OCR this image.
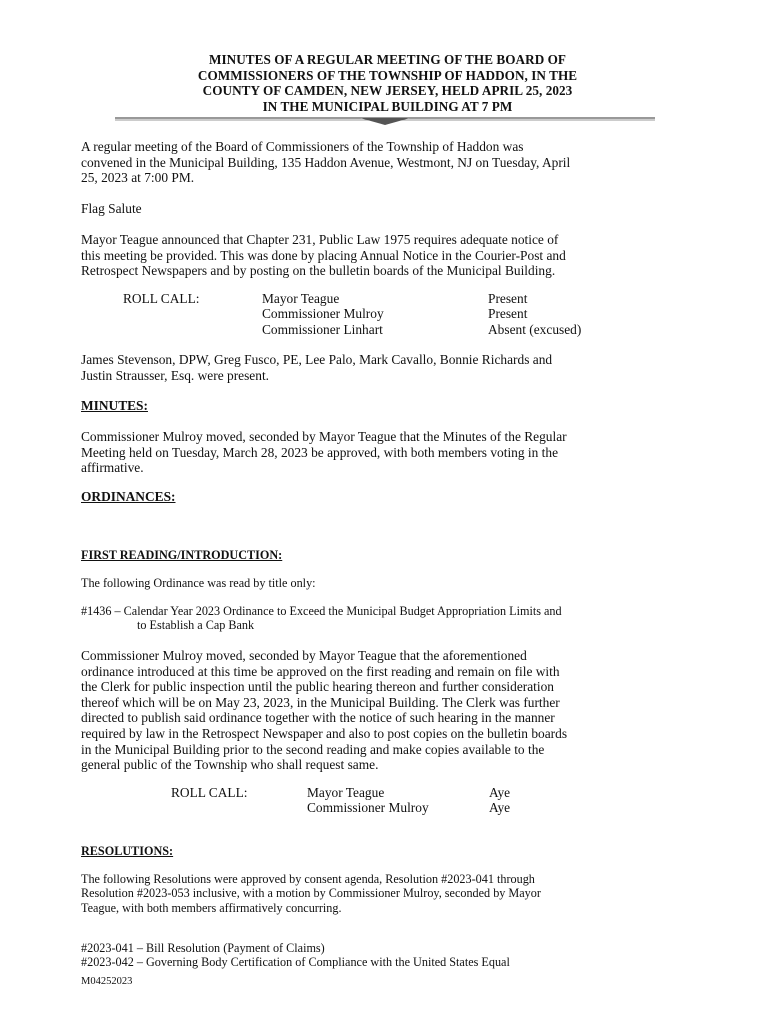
MINUTES OF A REGULAR MEETING OF THE BOARD OF
COMMISSIONERS OF THE TOWNSHIP OF HADDON, IN THE
COUNTY OF CAMDEN, NEW JERSEY, HELD APRIL 25, 2023
IN THE MUNICIPAL BUILDING AT 7 PM
A regular meeting of the Board of Commissioners of the Township of Haddon was
convened in the Municipal Building, 135 Haddon Avenue, Westmont, NJ on Tuesday, April
25, 2023 at 7:00 PM.
Flag Salute
Mayor Teague announced that Chapter 231, Public Law 1975 requires adequate notice of
this meeting be provided. This was done by placing Annual Notice in the Courier-Post and
Retrospect Newspapers and by posting on the bulletin boards of the Municipal Building.
ROLL CALL:	Mayor Teague
Commissioner Mulroy
Commissioner Linhart
Present
Present
Absent (excused)
James Stevenson, DPW, Greg Fusco, PE, Lee Palo, Mark Cavallo, Bonnie Richards and
Justin Strausser, Esq. were present.
MINUTES:
Commissioner Mulroy moved, seconded by Mayor Teague that the Minutes of the Regular
Meeting held on Tuesday, March 28, 2023 be approved, with both members voting in the
affirmative.
ORDINANCES:
FIRST READING/INTRODUCTION:
The following Ordinance was read by title only:
#1436 – Calendar Year 2023 Ordinance to Exceed the Municipal Budget Appropriation Limits and
to Establish a Cap Bank
Commissioner Mulroy moved, seconded by Mayor Teague that the aforementioned
ordinance introduced at this time be approved on the first reading and remain on file with
the Clerk for public inspection until the public hearing thereon and further consideration
thereof which will be on May 23, 2023, in the Municipal Building. The Clerk was further
directed to publish said ordinance together with the notice of such hearing in the manner
required by law in the Retrospect Newspaper and also to post copies on the bulletin boards
in the Municipal Building prior to the second reading and make copies available to the
general public of the Township who shall request same.
ROLL CALL:	Mayor Teague
Commissioner Mulroy
Aye
Aye
RESOLUTIONS:
The following Resolutions were approved by consent agenda, Resolution #2023-041 through
Resolution #2023-053 inclusive, with a motion by Commissioner Mulroy, seconded by Mayor
Teague, with both members affirmatively concurring.
#2023-041 – Bill Resolution (Payment of Claims)
#2023-042 – Governing Body Certification of Compliance with the United States Equal
M04252023
